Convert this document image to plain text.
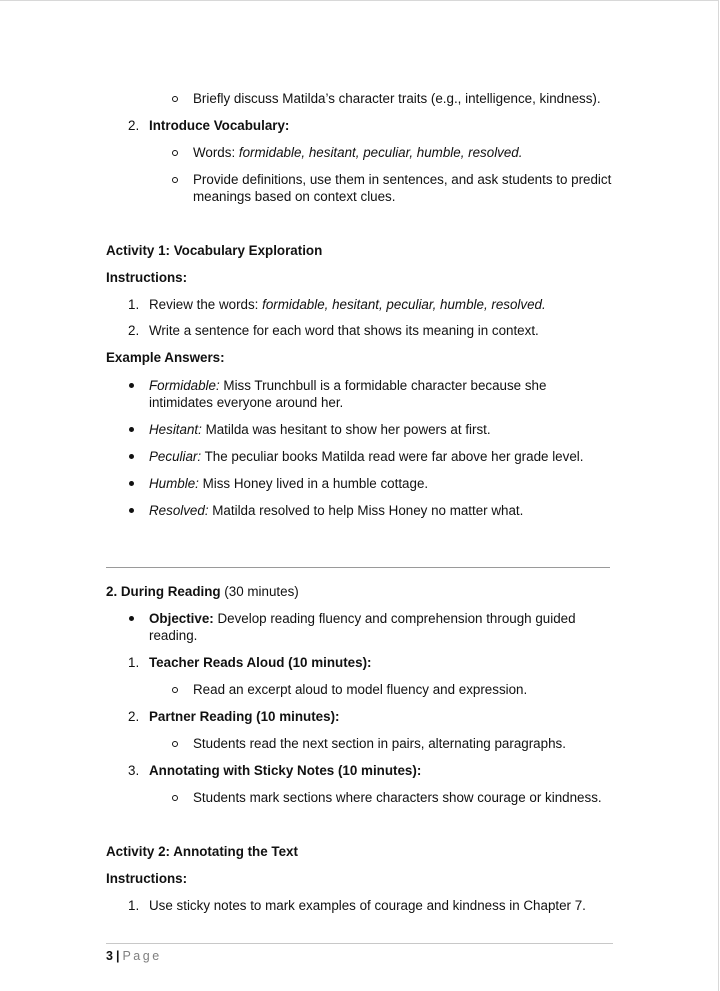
Briefly discuss Matilda’s character traits (e.g., intelligence, kindness).
2. Introduce Vocabulary:
Words: formidable, hesitant, peculiar, humble, resolved.
Provide definitions, use them in sentences, and ask students to predict meanings based on context clues.
Activity 1: Vocabulary Exploration
Instructions:
1. Review the words: formidable, hesitant, peculiar, humble, resolved.
2. Write a sentence for each word that shows its meaning in context.
Example Answers:
Formidable: Miss Trunchbull is a formidable character because she intimidates everyone around her.
Hesitant: Matilda was hesitant to show her powers at first.
Peculiar: The peculiar books Matilda read were far above her grade level.
Humble: Miss Honey lived in a humble cottage.
Resolved: Matilda resolved to help Miss Honey no matter what.
2. During Reading (30 minutes)
Objective: Develop reading fluency and comprehension through guided reading.
1. Teacher Reads Aloud (10 minutes):
Read an excerpt aloud to model fluency and expression.
2. Partner Reading (10 minutes):
Students read the next section in pairs, alternating paragraphs.
3. Annotating with Sticky Notes (10 minutes):
Students mark sections where characters show courage or kindness.
Activity 2: Annotating the Text
Instructions:
1. Use sticky notes to mark examples of courage and kindness in Chapter 7.
3 | Page
